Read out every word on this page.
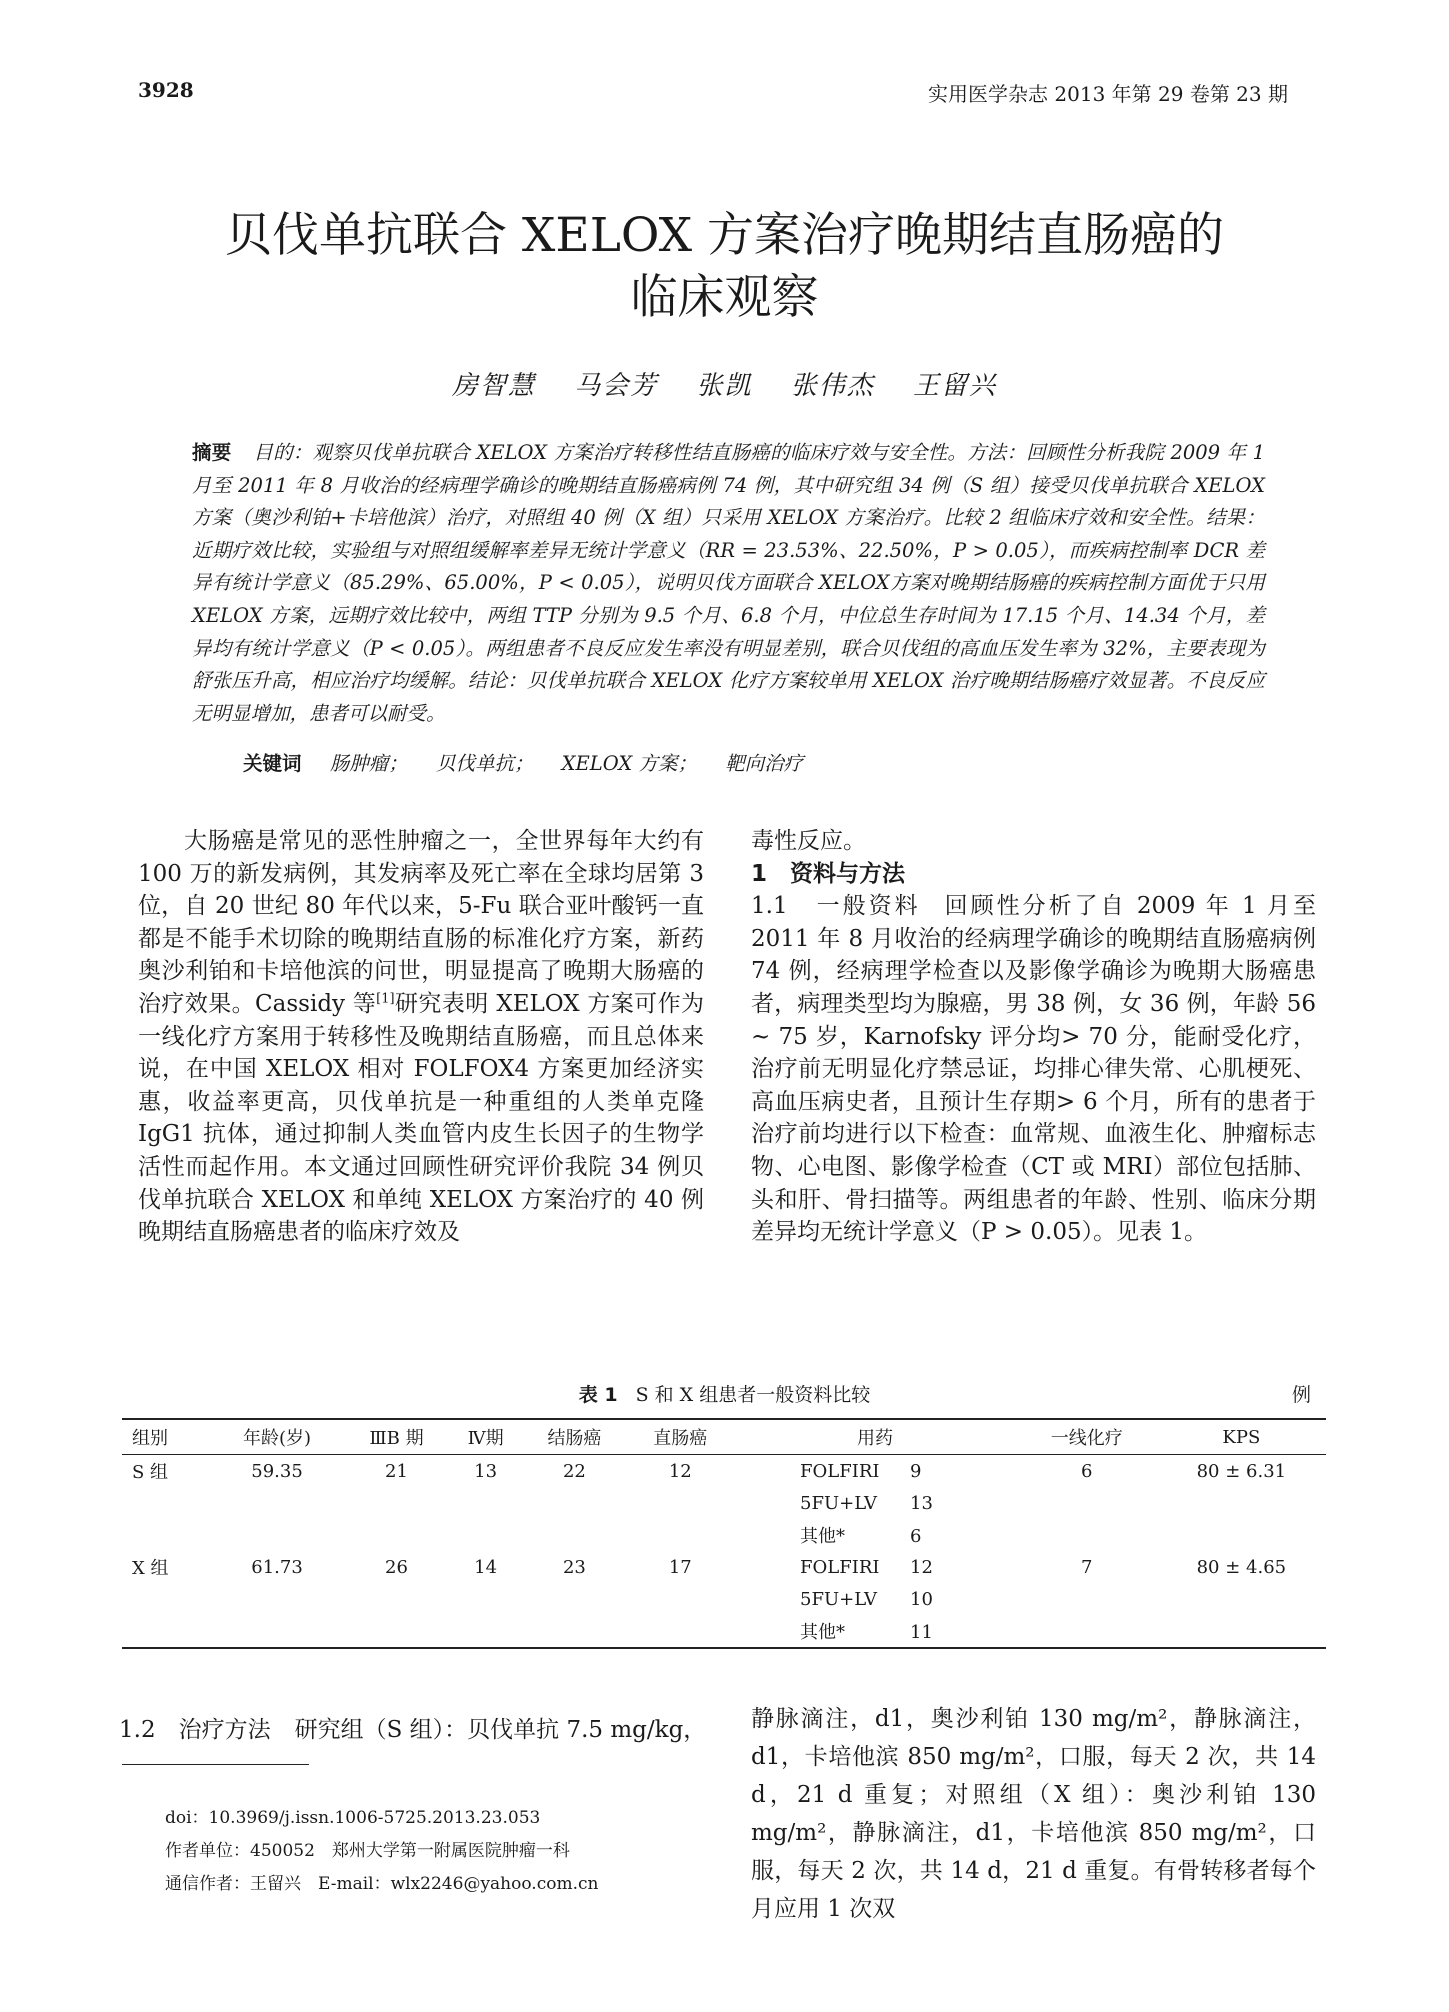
3928	实用医学杂志 2013 年第 29 卷第 23 期
贝伐单抗联合 XELOX 方案治疗晚期结直肠癌的
临床观察
房智慧  马会芳  张凯  张伟杰  王留兴
摘要 目的：观察贝伐单抗联合 XELOX 方案治疗转移性结直肠癌的临床疗效与安全性。方法：回顾性分析我院 2009 年 1 月至 2011 年 8 月收治的经病理学确诊的晚期结直肠癌病例 74 例，其中研究组 34 例（S 组）接受贝伐单抗联合 XELOX 方案（奥沙利铂+卡培他滨）治疗，对照组 40 例（X 组）只采用 XELOX 方案治疗。比较 2 组临床疗效和安全性。结果：近期疗效比较，实验组与对照组缓解率差异无统计学意义（RR = 23.53%、22.50%，P > 0.05），而疾病控制率 DCR 差异有统计学意义（85.29%、65.00%，P < 0.05），说明贝伐方面联合 XELOX方案对晚期结肠癌的疾病控制方面优于只用 XELOX 方案，远期疗效比较中，两组 TTP 分别为 9.5 个月、6.8 个月，中位总生存时间为 17.15 个月、14.34 个月，差异均有统计学意义（P < 0.05）。两组患者不良反应发生率没有明显差别，联合贝伐组的高血压发生率为 32%，主要表现为舒张压升高，相应治疗均缓解。结论：贝伐单抗联合 XELOX 化疗方案较单用 XELOX 治疗晚期结肠癌疗效显著。不良反应无明显增加，患者可以耐受。
关键词 肠肿瘤； 贝伐单抗； XELOX 方案； 靶向治疗

大肠癌是常见的恶性肿瘤之一，全世界每年大约有 100 万的新发病例，其发病率及死亡率在全球均居第 3 位，自 20 世纪 80 年代以来，5-Fu 联合亚叶酸钙一直都是不能手术切除的晚期结直肠的标准化疗方案，新药奥沙利铂和卡培他滨的问世，明显提高了晚期大肠癌的治疗效果。Cassidy 等[1]研究表明 XELOX 方案可作为一线化疗方案用于转移性及晚期结直肠癌，而且总体来说，在中国 XELOX 相对 FOLFOX4 方案更加经济实惠，收益率更高，贝伐单抗是一种重组的人类单克隆 IgG1 抗体，通过抑制人类血管内皮生长因子的生物学活性而起作用。本文通过回顾性研究评价我院 34 例贝伐单抗联合 XELOX 和单纯 XELOX 方案治疗的 40 例晚期结直肠癌患者的临床疗效及

毒性反应。

1　资料与方法

1.1　一般资料 回顾性分析了自 2009 年 1 月至 2011 年 8 月收治的经病理学确诊的晚期结直肠癌病例 74 例，经病理学检查以及影像学确诊为晚期大肠癌患者，病理类型均为腺癌，男 38 例，女 36 例，年龄 56 ~ 75 岁，Karnofsky 评分均> 70 分，能耐受化疗，治疗前无明显化疗禁忌证，均排心律失常、心肌梗死、高血压病史者，且预计生存期> 6 个月，所有的患者于治疗前均进行以下检查：血常规、血液生化、肿瘤标志物、心电图、影像学检查（CT 或 MRI）部位包括肺、头和肝、骨扫描等。两组患者的年龄、性别、临床分期差异均无统计学意义（P > 0.05）。见表 1。

表 1 S 和 X 组患者一般资料比较	例
组别	年龄(岁)	ⅢB 期	Ⅳ期	结肠癌	直肠癌	用药	一线化疗	KPS
S 组	59.35	21	13	22	12	FOLFIRI 9	6	80 ± 6.31
						5FU+LV 13		
						其他* 6		
X 组	61.73	26	14	23	17	FOLFIRI 12	7	80 ± 4.65
						5FU+LV 10		
						其他* 11		
1.2　治疗方法 研究组（S 组）：贝伐单抗 7.5 mg/kg， 静脉滴注，d1，奥沙利铂 130 mg/m²，静脉滴注，d1，卡培他滨 850 mg/m²，口服，每天 2 次，共 14 d，21 d 重复；对照组（X 组）：奥沙利铂 130 mg/m²，静脉滴注，d1，卡培他滨 850 mg/m²，口服，每天 2 次，共 14 d，21 d 重复。有骨转移者每个月应用 1 次双

doi：10.3969/j.issn.1006-5725.2013.23.053
作者单位：450052　郑州大学第一附属医院肿瘤一科
通信作者：王留兴　E-mail：wlx2246@yahoo.com.cn
